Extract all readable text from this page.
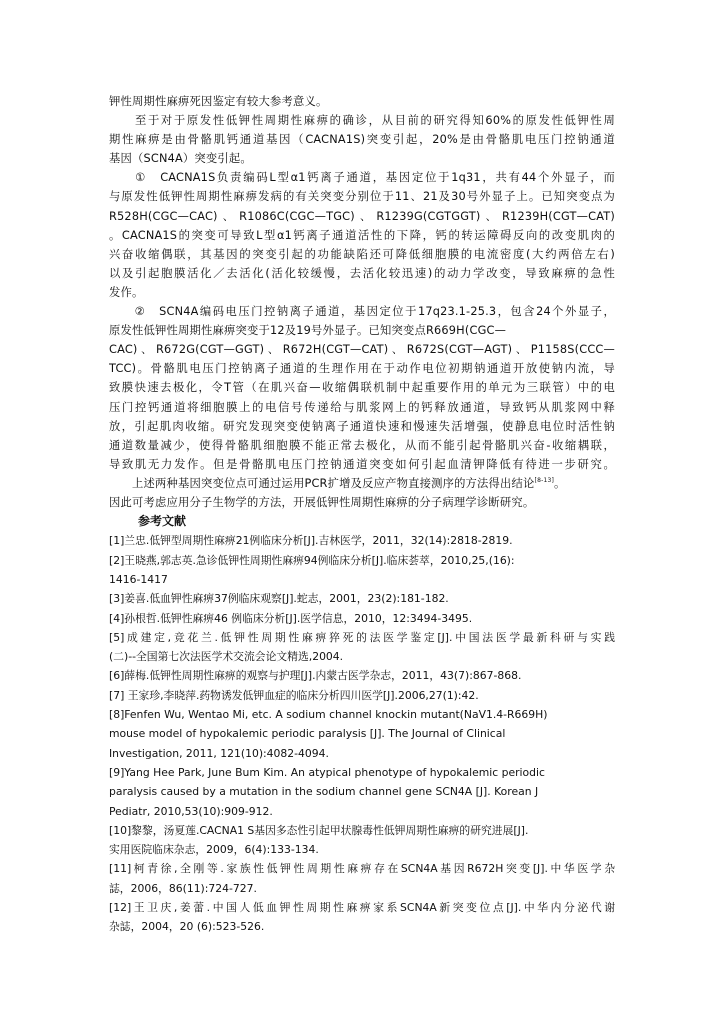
钾性周期性麻痹死因鉴定有较大参考意义。
　　至于对于原发性低钾性周期性麻痹的确诊，从目前的研究得知60%的原发性低钾性周
期性麻痹是由骨骼肌钙通道基因（CACNA1S)突变引起，20%是由骨骼肌电压门控钠通道
基因（SCN4A）突变引起。
　　①　CACNA1S负责编码L型α1钙离子通道，基因定位于1q31，共有44个外显子，而
与原发性低钾性周期性麻痹发病的有关突变分别位于11、21及30号外显子上。已知突变点为
R528H(CGC—CAC)、R1086C(CGC—TGC)、R1239G(CGTGGT)、R1239H(CGT—CAT)
。CACNA1S的突变可导致L型α1钙离子通道活性的下降，钙的转运障碍反向的改变肌肉的
兴奋收缩偶联，其基因的突变引起的功能缺陷还可降低细胞膜的电流密度(大约两倍左右)
以及引起胞膜活化／去活化(活化较缓慢，去活化较迅速)的动力学改变，导致麻痹的急性
发作。
　　②　SCN4A编码电压门控钠离子通道，基因定位于17q23.1-25.3，包含24个外显子，
原发性低钾性周期性麻痹突变于12及19号外显子。已知突变点R669H(CGC—
CAC)、R672G(CGT—GGT)、R672H(CGT—CAT)、R672S(CGT—AGT)、P1158S(CCC—
TCC)。骨骼肌电压门控钠离子通道的生理作用在于动作电位初期钠通道开放使钠内流，导
致膜快速去极化，令T管（在肌兴奋—收缩偶联机制中起重要作用的单元为三联管）中的电
压门控钙通道将细胞膜上的电信号传递给与肌浆网上的钙释放通道，导致钙从肌浆网中释
放，引起肌肉收缩。研究发现突变使钠离子通道快速和慢速失活增强，使静息电位时活性钠
通道数量减少，使得骨骼肌细胞膜不能正常去极化，从而不能引起骨骼肌兴奋-收缩耦联，
导致肌无力发作。但是骨骼肌电压门控钠通道突变如何引起血清钾降低有待进一步研究。
　　上述两种基因突变位点可通过运用PCR扩增及反应产物直接测序的方法得出结论[8-13]。
因此可考虑应用分子生物学的方法，开展低钾性周期性麻痹的分子病理学诊断研究。
参考文献
[1]兰忠.低钾型周期性麻痹21例临床分析[J].吉林医学，2011，32(14):2818-2819.
[2]王晓燕,郭志英.急诊低钾性周期性麻痹94例临床分析[J].临床荟萃，2010,25,(16):
1416-1417
[3]姜喜.低血钾性麻痹37例临床观察[J].蛇志，2001，23(2):181-182.
[4]孙根哲.低钾性麻痹46 例临床分析[J].医学信息，2010，12:3494-3495.
[5]成建定,竞花兰.低钾性周期性麻痹猝死的法医学鉴定[J].中国法医学最新科研与实践
(二)--全国第七次法医学术交流会论文精选,2004.
[6]薛梅.低钾性周期性麻痹的观察与护理[J].内蒙古医学杂志，2011，43(7):867-868.
[7] 王家珍,李晓萍.药物诱发低钾血症的临床分析四川医学[J].2006,27(1):42.
[8]Fenfen Wu, Wentao Mi, etc. A sodium channel knockin mutant(NaV1.4-R669H)
mouse model of hypokalemic periodic paralysis [J]. The Journal of Clinical
Investigation, 2011, 121(10):4082-4094.
[9]Yang Hee Park, June Bum Kim. An atypical phenotype of hypokalemic periodic
paralysis caused by a mutation in the sodium channel gene SCN4A [J]. Korean J
Pediatr, 2010,53(10):909-912.
[10]黎黎，汤夏莲.CACNA1 S基因多态性引起甲状腺毒性低钾周期性麻痹的研究进展[J].
实用医院临床杂志，2009，6(4):133-134.
[11]柯青徐,全刚等.家族性低钾性周期性麻痹存在SCN4A基因R672H突变[J].中华医学杂
誌，2006，86(11):724-727.
[12]王卫庆,姜蕾.中国人低血钾性周期性麻痹家系SCN4A新突变位点[J].中华内分泌代谢
杂誌，2004，20 (6):523-526.
